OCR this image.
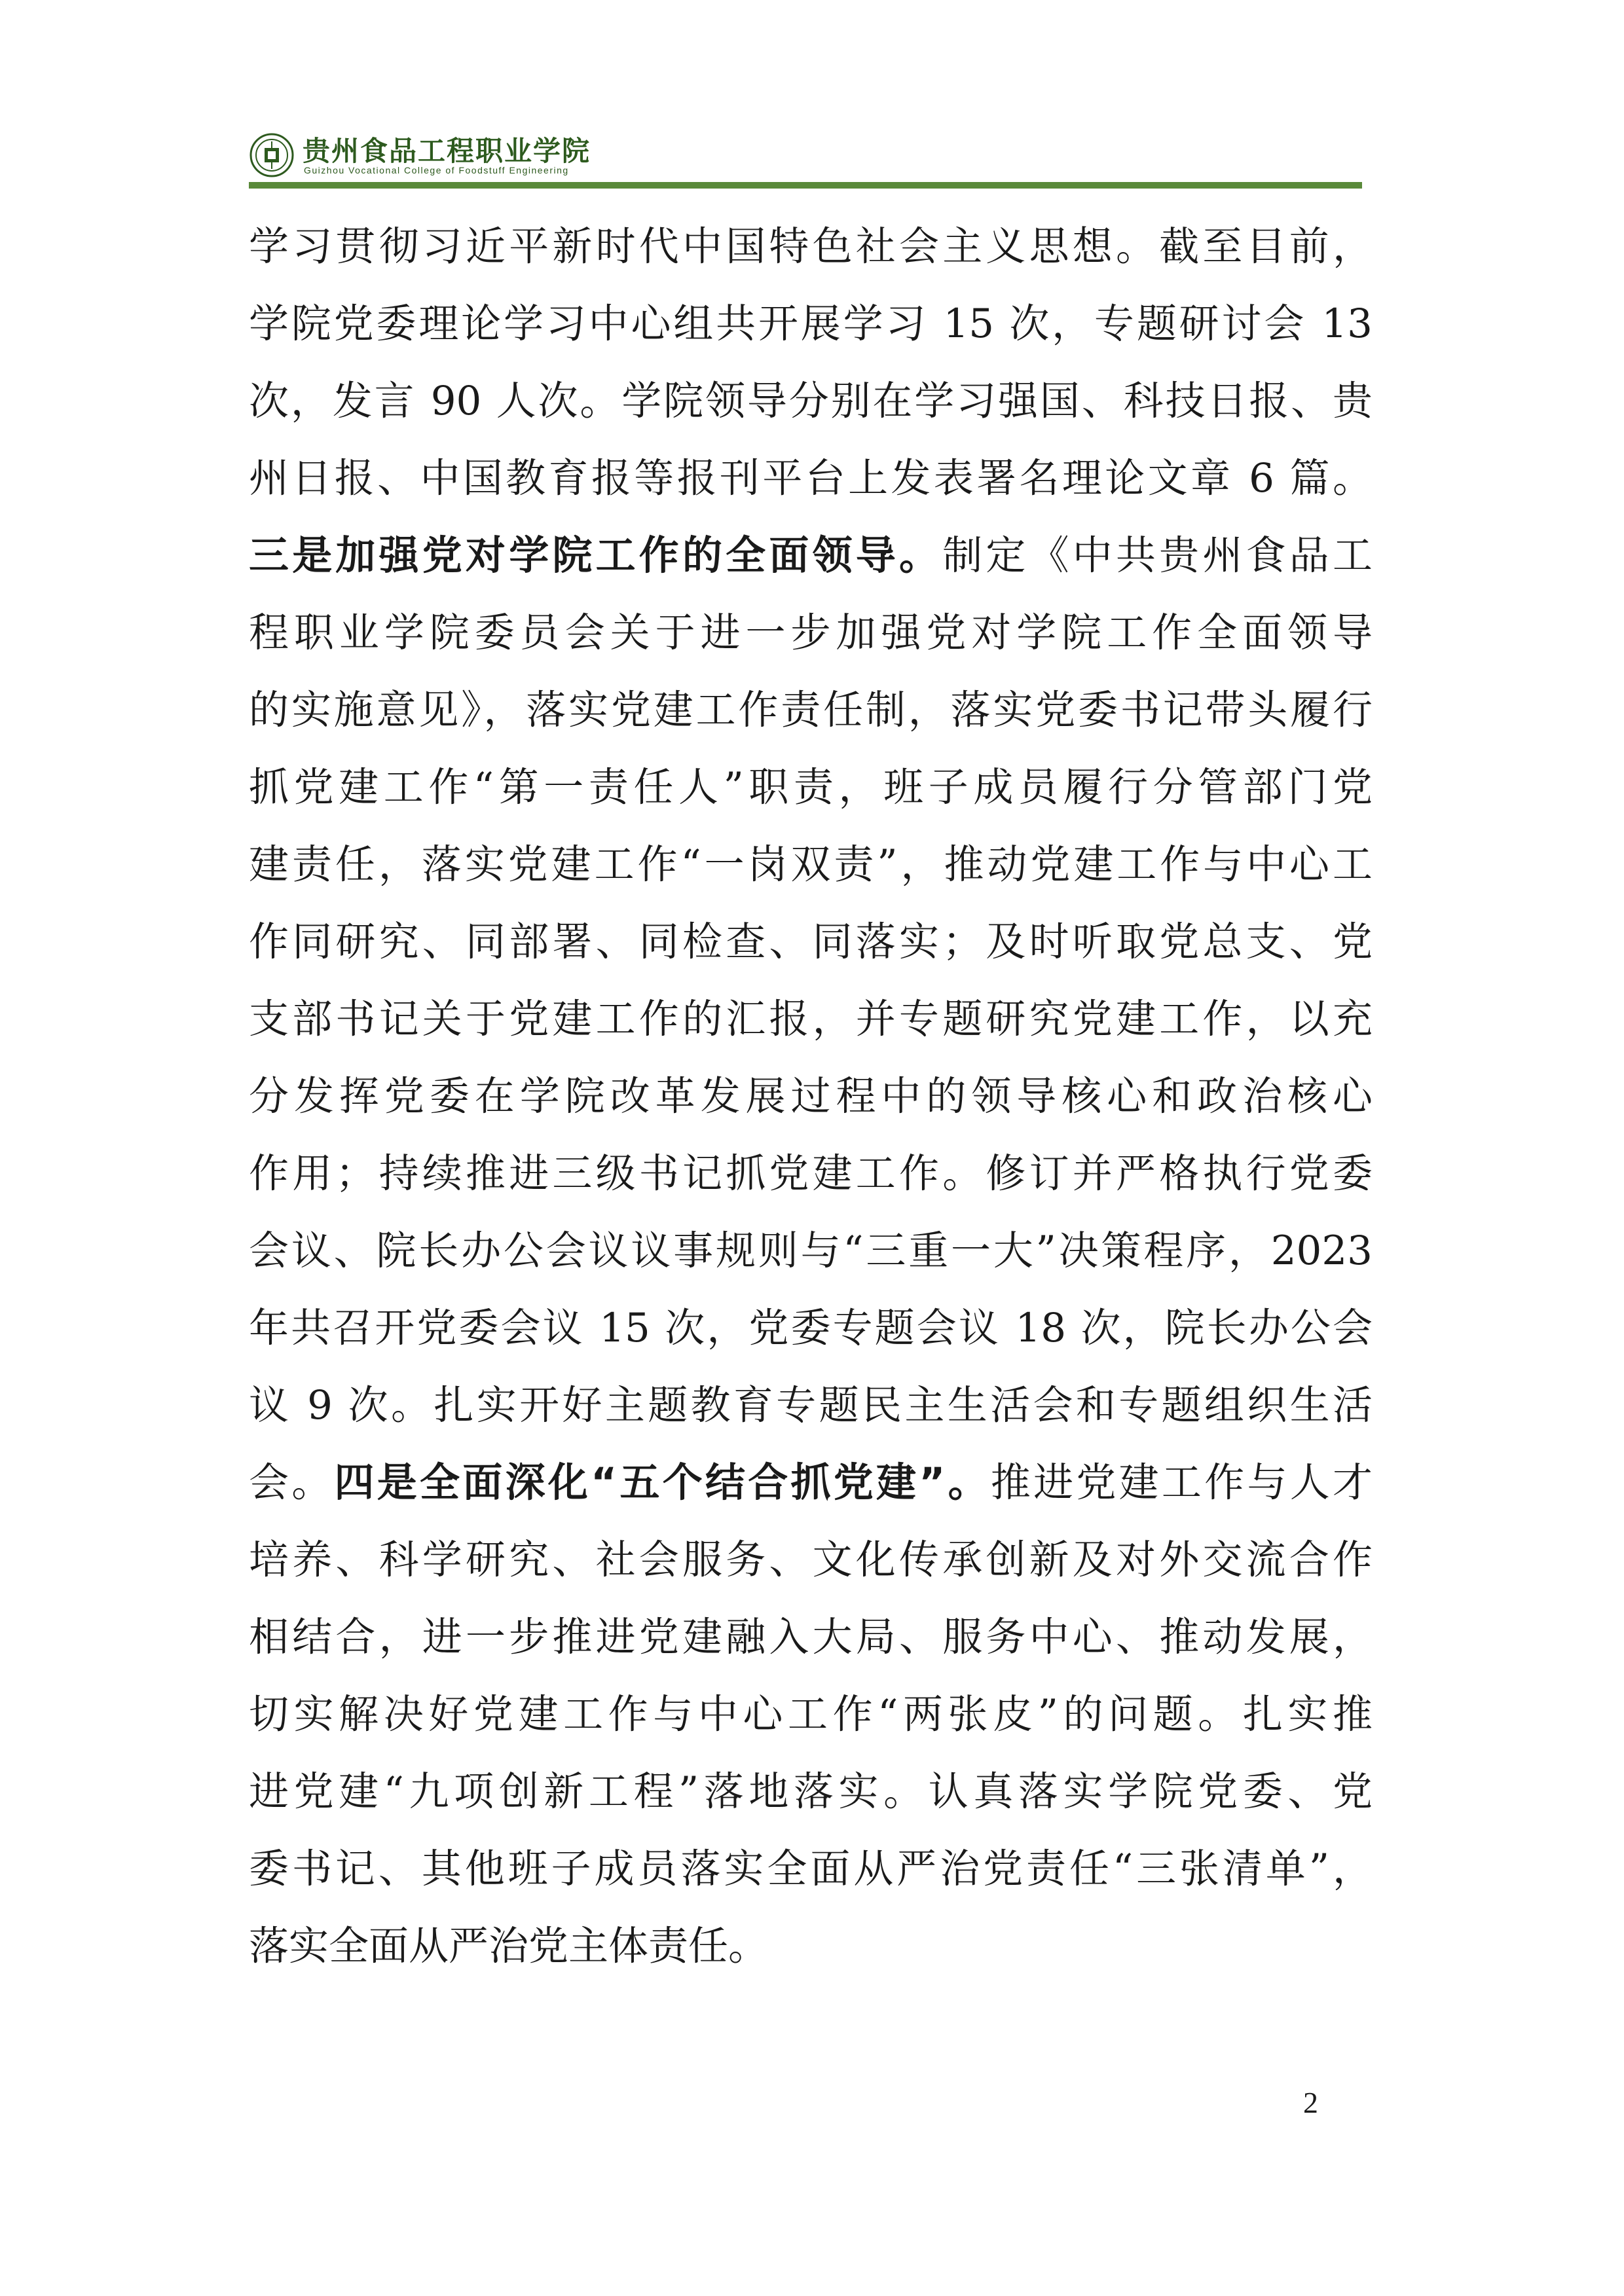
贵州食品工程职业学院
Guizhou Vocational College of Foodstuff Engineering
学习贯彻习近平新时代中国特色社会主义思想。截至目前，
学院党委理论学习中心组共开展学习 15 次，专题研讨会 13
次，发言 90 人次。学院领导分别在学习强国、科技日报、贵
州日报、中国教育报等报刊平台上发表署名理论文章 6 篇。
三是加强党对学院工作的全面领导。制定《中共贵州食品工
程职业学院委员会关于进一步加强党对学院工作全面领导
的实施意见》，落实党建工作责任制，落实党委书记带头履行
抓党建工作“第一责任人”职责，班子成员履行分管部门党
建责任，落实党建工作“一岗双责”，推动党建工作与中心工
作同研究、同部署、同检查、同落实；及时听取党总支、党
支部书记关于党建工作的汇报，并专题研究党建工作，以充
分发挥党委在学院改革发展过程中的领导核心和政治核心
作用；持续推进三级书记抓党建工作。修订并严格执行党委
会议、院长办公会议议事规则与“三重一大”决策程序，2023
年共召开党委会议 15 次，党委专题会议 18 次，院长办公会
议 9 次。扎实开好主题教育专题民主生活会和专题组织生活
会。四是全面深化“五个结合抓党建”。推进党建工作与人才
培养、科学研究、社会服务、文化传承创新及对外交流合作
相结合，进一步推进党建融入大局、服务中心、推动发展，
切实解决好党建工作与中心工作“两张皮”的问题。扎实推
进党建“九项创新工程”落地落实。认真落实学院党委、党
委书记、其他班子成员落实全面从严治党责任“三张清单”，
落实全面从严治党主体责任。
2
